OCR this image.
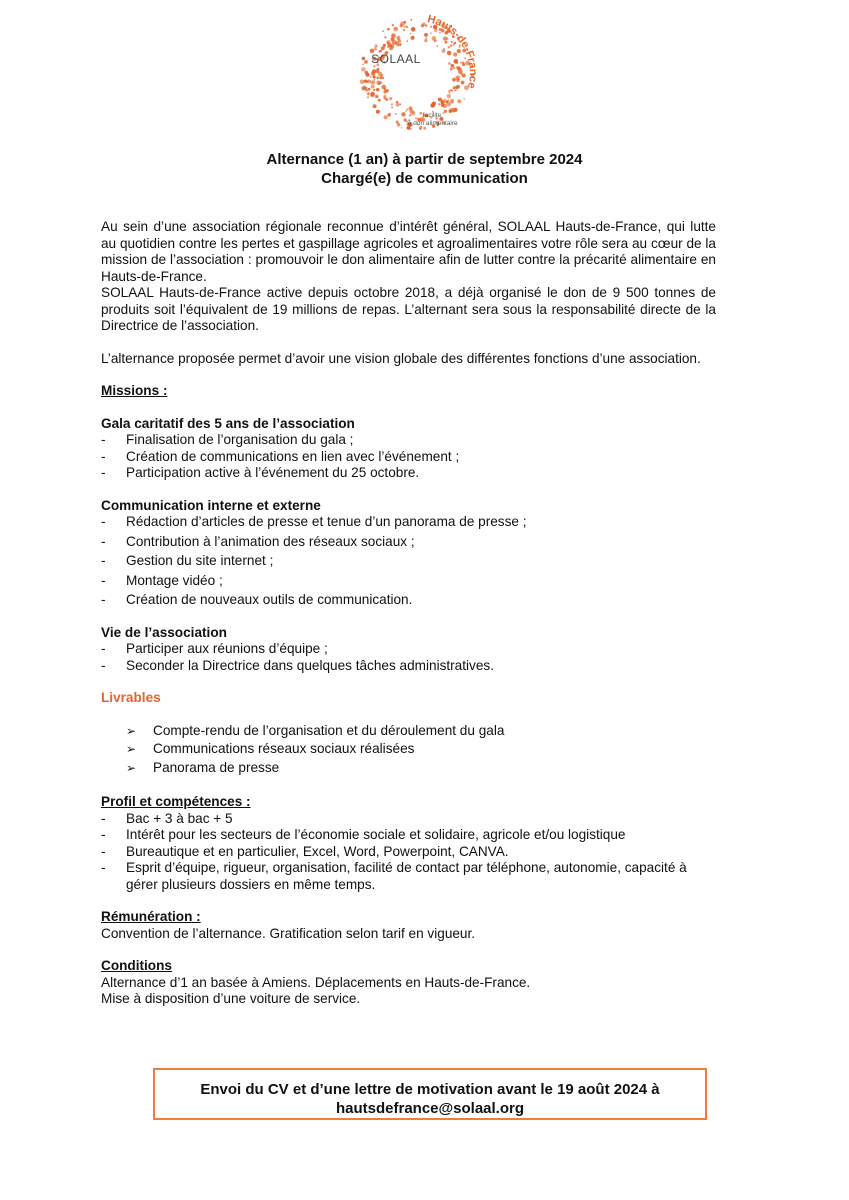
SOLAAL
Hauts-de-France
facilite
le don alimentaire
Alternance (1 an) à partir de septembre 2024
Chargé(e) de communication

Au sein d’une association régionale reconnue d’intérêt général, SOLAAL Hauts-de-France, qui lutte au quotidien contre les pertes et gaspillage agricoles et agroalimentaires votre rôle sera au cœur de la mission de l’association : promouvoir le don alimentaire afin de lutter contre la précarité alimentaire en Hauts-de-France.

SOLAAL Hauts-de-France active depuis octobre 2018, a déjà organisé le don de 9 500 tonnes de produits soit l’équivalent de 19 millions de repas. L’alternant sera sous la responsabilité directe de la Directrice de l’association.

L’alternance proposée permet d’avoir une vision globale des différentes fonctions d’une association.

Missions :
Gala caritatif des 5 ans de l’association
-	Finalisation de l’organisation du gala ;
-	Création de communications en lien avec l’événement ;
-	Participation active à l’événement du 25 octobre.
Communication interne et externe
-	Rédaction d’articles de presse et tenue d’un panorama de presse ;
-	Contribution à l’animation des réseaux sociaux ;
-	Gestion du site internet ;
-	Montage vidéo ;
-	Création de nouveaux outils de communication.
Vie de l’association
-	Participer aux réunions d’équipe ;
-	Seconder la Directrice dans quelques tâches administratives.
Livrables
➢	Compte-rendu de l’organisation et du déroulement du gala
➢	Communications réseaux sociaux réalisées
➢	Panorama de presse
Profil et compétences :
-	Bac + 3 à bac + 5
-	Intérêt pour les secteurs de l’économie sociale et solidaire, agricole et/ou logistique
-	Bureautique et en particulier, Excel, Word, Powerpoint, CANVA.
-	Esprit d’équipe, rigueur, organisation, facilité de contact par téléphone, autonomie, capacité à gérer plusieurs dossiers en même temps.
Rémunération :
Convention de l’alternance. Gratification selon tarif en vigueur.
Conditions
Alternance d’1 an basée à Amiens. Déplacements en Hauts-de-France.
Mise à disposition d’une voiture de service.
Envoi du CV et d’une lettre de motivation avant le 19 août 2024 à
hautsdefrance@solaal.org
